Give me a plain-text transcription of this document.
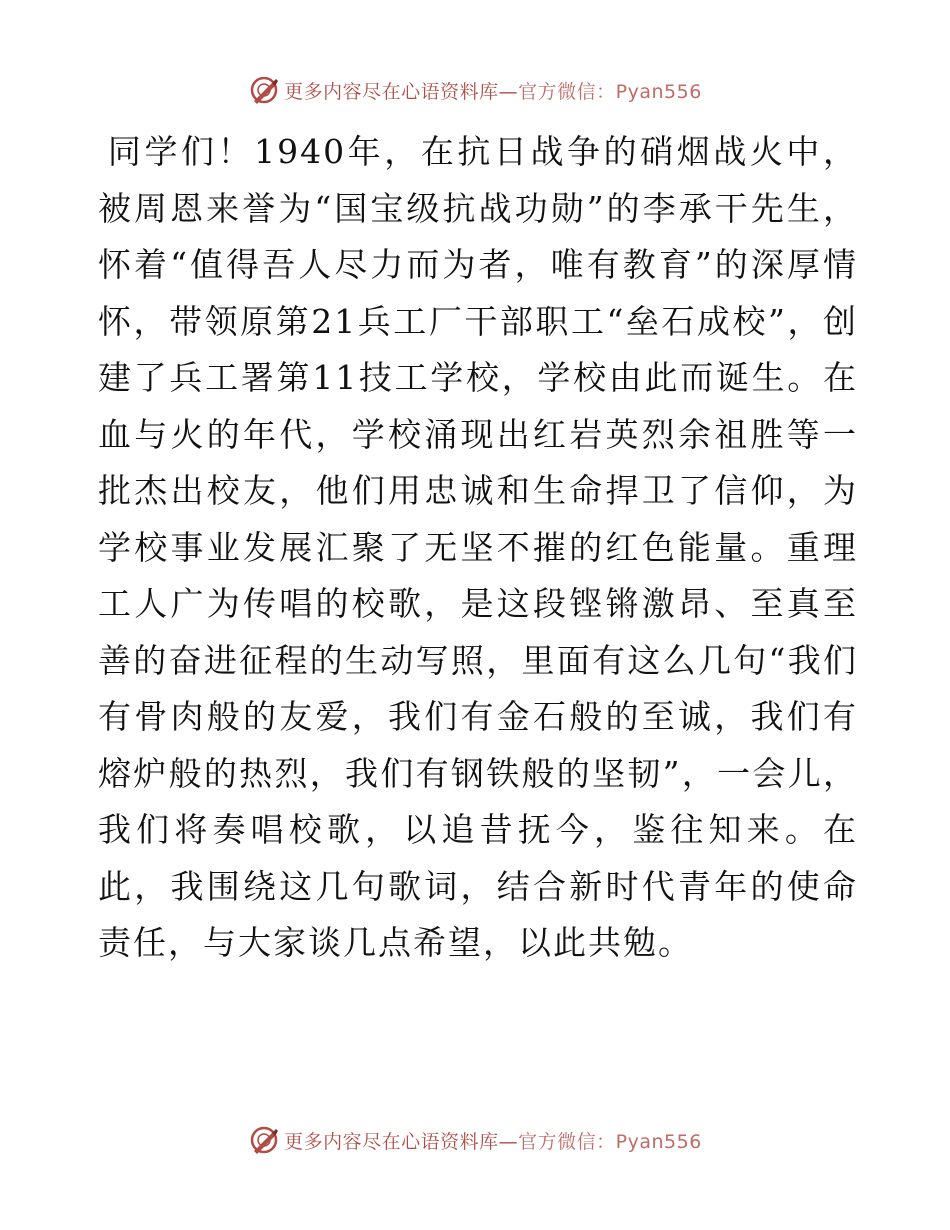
更多内容尽在心语资料库—官方微信：Pyan556

同学们！1940年，在抗日战争的硝烟战火中，被周恩来誉为“国宝级抗战功勋”的李承干先生，怀着“值得吾人尽力而为者，唯有教育”的深厚情怀，带领原第21兵工厂干部职工“垒石成校”，创建了兵工署第11技工学校，学校由此而诞生。在血与火的年代，学校涌现出红岩英烈余祖胜等一批杰出校友，他们用忠诚和生命捍卫了信仰，为学校事业发展汇聚了无坚不摧的红色能量。重理工人广为传唱的校歌，是这段铿锵激昂、至真至善的奋进征程的生动写照，里面有这么几句“我们有骨肉般的友爱，我们有金石般的至诚，我们有熔炉般的热烈，我们有钢铁般的坚韧”，一会儿，我们将奏唱校歌，以追昔抚今，鉴往知来。在此，我围绕这几句歌词，结合新时代青年的使命责任，与大家谈几点希望，以此共勉。

更多内容尽在心语资料库—官方微信：Pyan556
